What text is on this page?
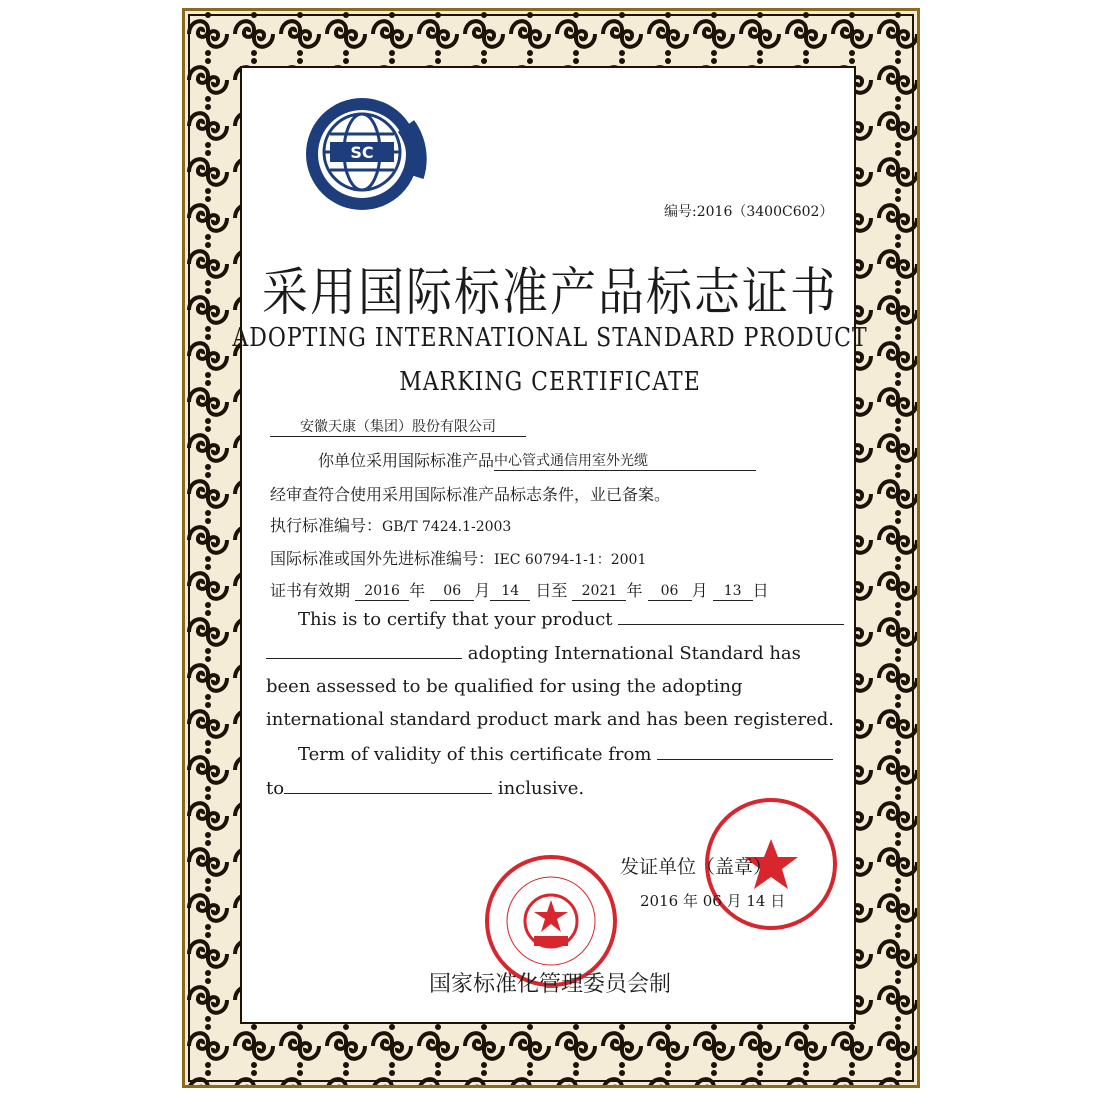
SC
编号:2016（3400C602）
采用国际标准产品标志证书
ADOPTING INTERNATIONAL STANDARD PRODUCT
MARKING CERTIFICATE
安徽天康（集团）股份有限公司
你单位采用国际标准产品中心管式通信用室外光缆
经审查符合使用采用国际标准产品标志条件，业已备案。
执行标准编号：GB/T 7424.1-2003
国际标准或国外先进标准编号：IEC 60794-1-1：2001
证书有效期 2016 年 06 月 14 日至 2021 年 06 月 13 日
This is to certify that your product
adopting International Standard has
been assessed to be qualified for using the adopting
international standard product mark and has been registered.
Term of validity of this certificate from
to	inclusive.
发证单位（盖章）
2016 年 06 月 14 日
国家标准化管理委员会制
